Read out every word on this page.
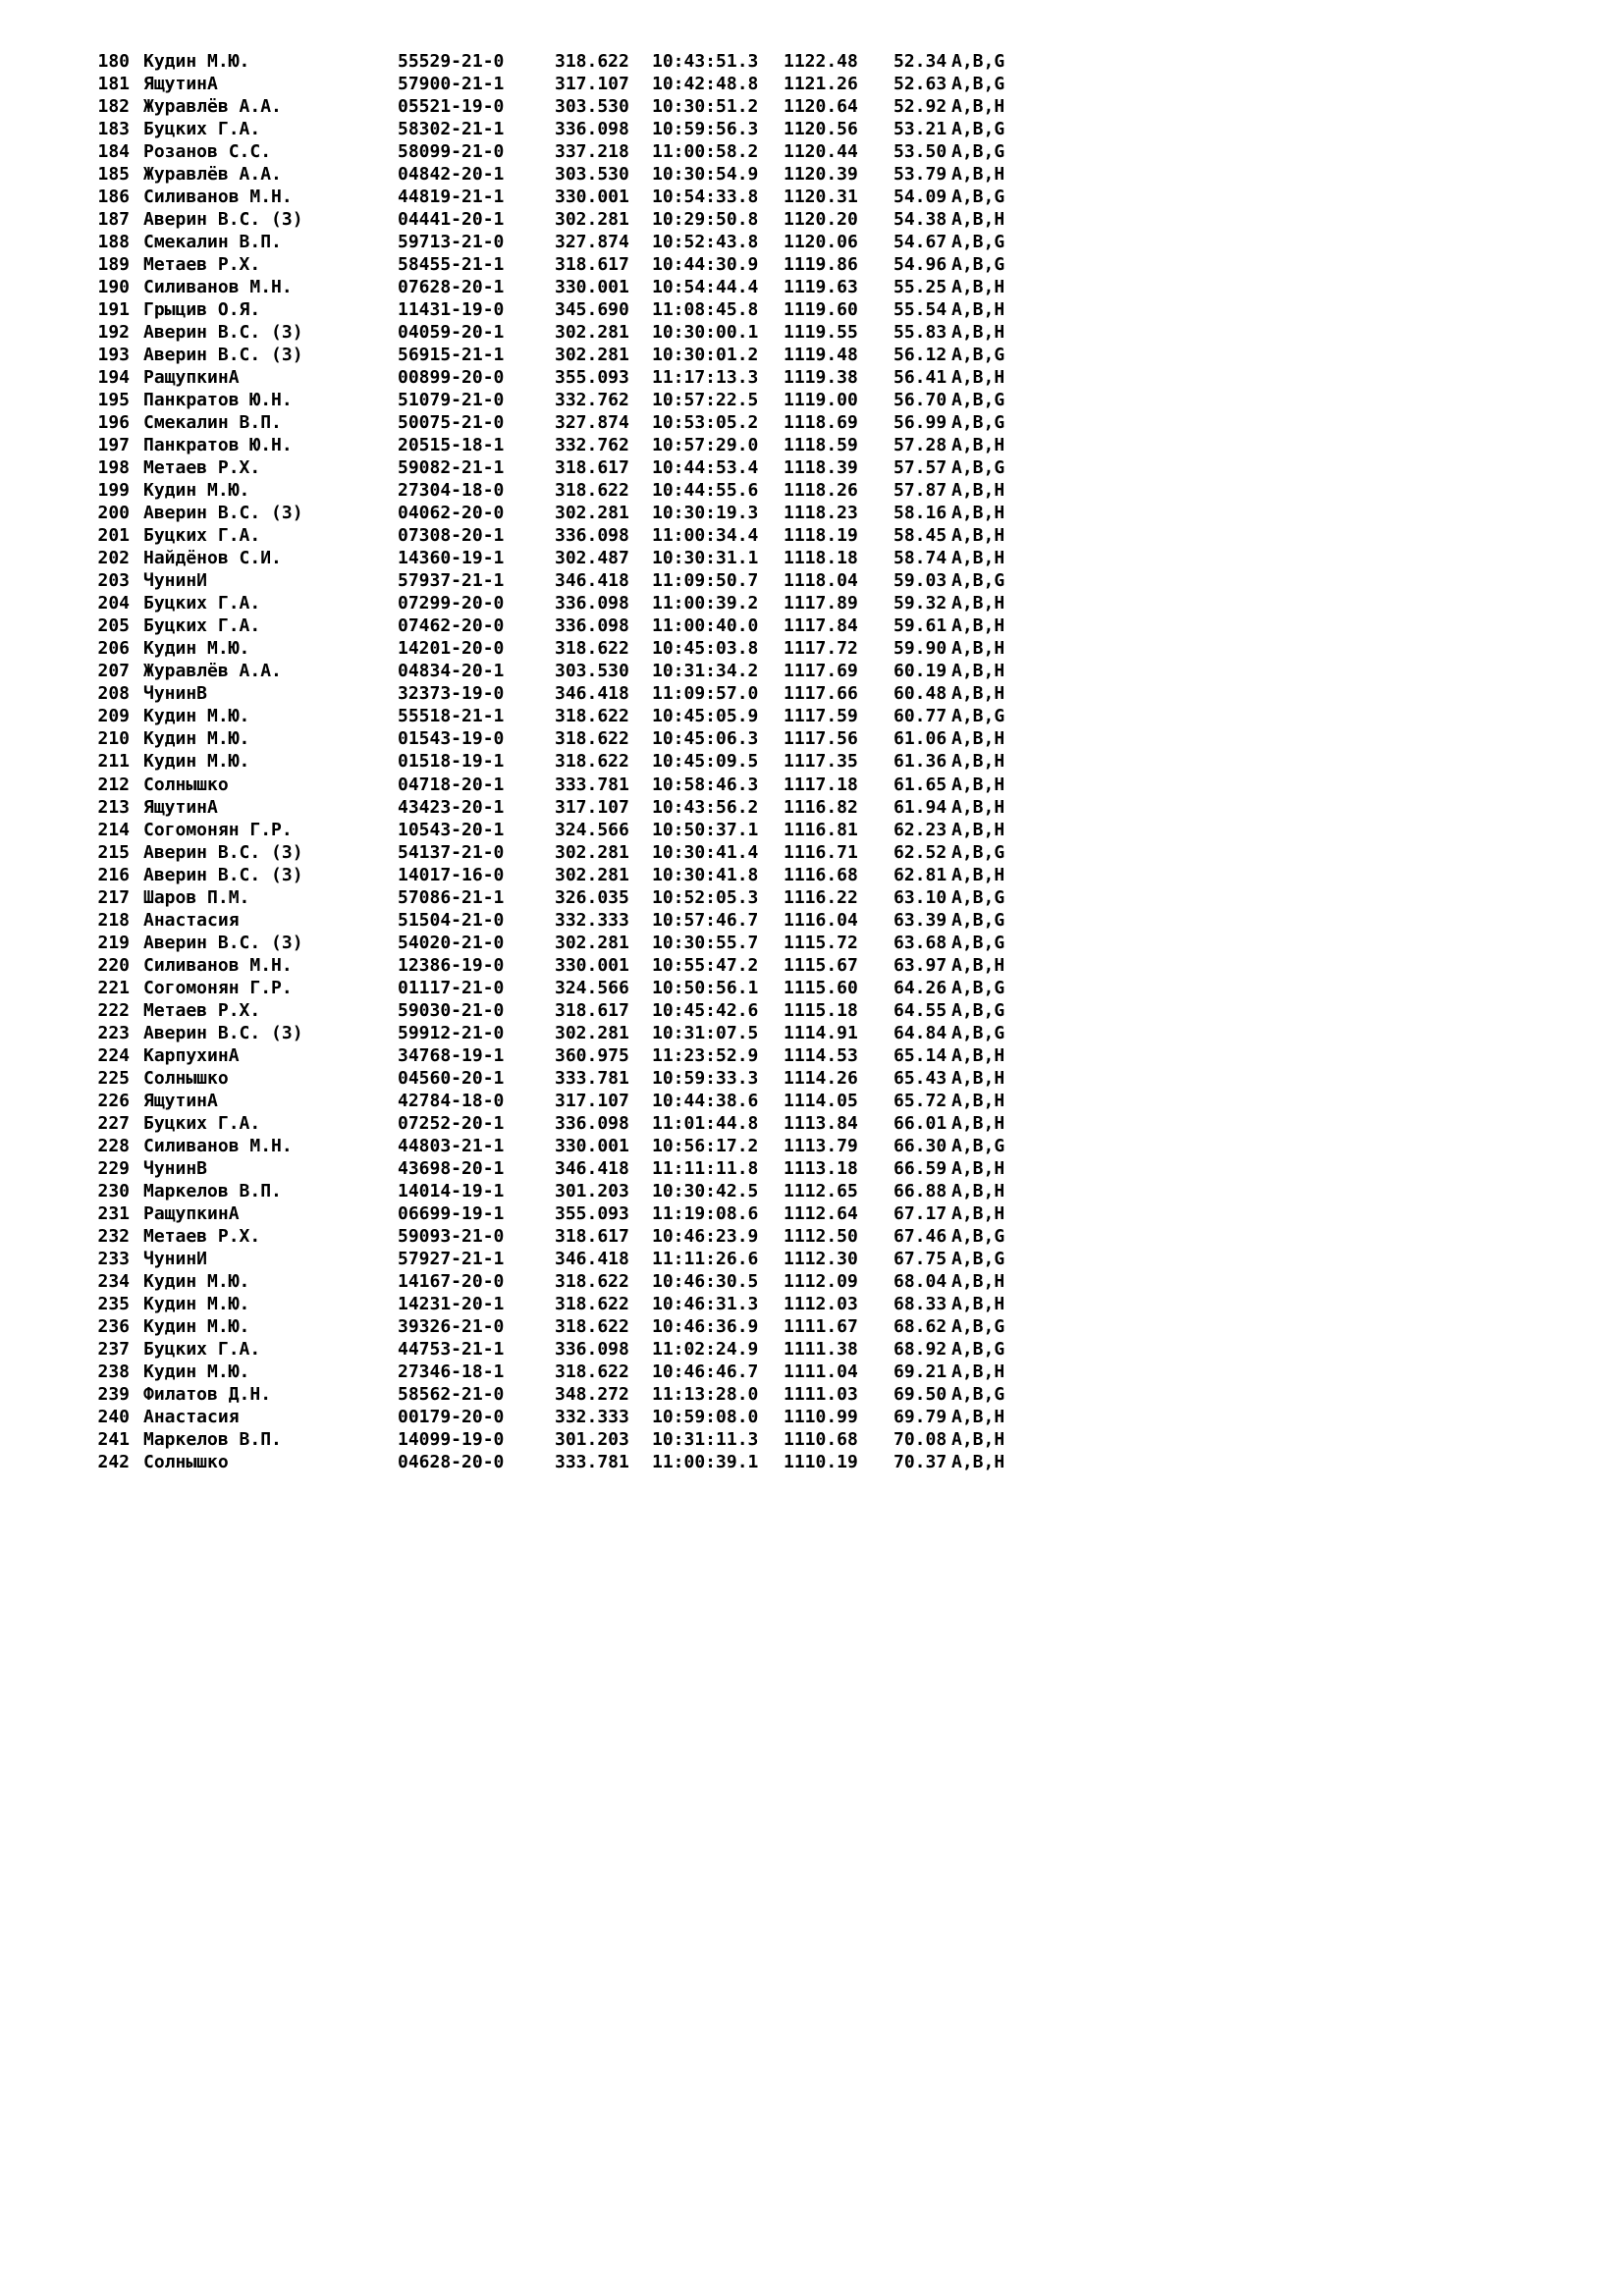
180 Кудин М.Ю.	55529-21-0	318.622 10:43:51.3 1122.48 52.34 A,B,G
181 ЯщутинА	57900-21-1	317.107 10:42:48.8 1121.26 52.63 A,B,G
182 Журавлёв А.А.	05521-19-0	303.530 10:30:51.2 1120.64 52.92 A,B,H
183 Буцких Г.А.	58302-21-1	336.098 10:59:56.3 1120.56 53.21 A,B,G
184 Розанов С.С.	58099-21-0	337.218 11:00:58.2 1120.44 53.50 A,B,G
185 Журавлёв А.А.	04842-20-1	303.530 10:30:54.9 1120.39 53.79 A,B,H
186 Силиванов М.Н.	44819-21-1	330.001 10:54:33.8 1120.31 54.09 A,B,G
187 Аверин В.С. (3)	04441-20-1	302.281 10:29:50.8 1120.20 54.38 A,B,H
188 Смекалин В.П.	59713-21-0	327.874 10:52:43.8 1120.06 54.67 A,B,G
189 Метаев Р.Х.	58455-21-1	318.617 10:44:30.9 1119.86 54.96 A,B,G
190 Силиванов М.Н.	07628-20-1	330.001 10:54:44.4 1119.63 55.25 A,B,H
191 Грыцив О.Я.	11431-19-0	345.690 11:08:45.8 1119.60 55.54 A,B,H
192 Аверин В.С. (3)	04059-20-1	302.281 10:30:00.1 1119.55 55.83 A,B,H
193 Аверин В.С. (3)	56915-21-1	302.281 10:30:01.2 1119.48 56.12 A,B,G
194 РащупкинА	00899-20-0	355.093 11:17:13.3 1119.38 56.41 A,B,H
195 Панкратов Ю.Н.	51079-21-0	332.762 10:57:22.5 1119.00 56.70 A,B,G
196 Смекалин В.П.	50075-21-0	327.874 10:53:05.2 1118.69 56.99 A,B,G
197 Панкратов Ю.Н.	20515-18-1	332.762 10:57:29.0 1118.59 57.28 A,B,H
198 Метаев Р.Х.	59082-21-1	318.617 10:44:53.4 1118.39 57.57 A,B,G
199 Кудин М.Ю.	27304-18-0	318.622 10:44:55.6 1118.26 57.87 A,B,H
200 Аверин В.С. (3)	04062-20-0	302.281 10:30:19.3 1118.23 58.16 A,B,H
201 Буцких Г.А.	07308-20-1	336.098 11:00:34.4 1118.19 58.45 A,B,H
202 Найдёнов С.И.	14360-19-1	302.487 10:30:31.1 1118.18 58.74 A,B,H
203 ЧунинИ	57937-21-1	346.418 11:09:50.7 1118.04 59.03 A,B,G
204 Буцких Г.А.	07299-20-0	336.098 11:00:39.2 1117.89 59.32 A,B,H
205 Буцких Г.А.	07462-20-0	336.098 11:00:40.0 1117.84 59.61 A,B,H
206 Кудин М.Ю.	14201-20-0	318.622 10:45:03.8 1117.72 59.90 A,B,H
207 Журавлёв А.А.	04834-20-1	303.530 10:31:34.2 1117.69 60.19 A,B,H
208 ЧунинВ	32373-19-0	346.418 11:09:57.0 1117.66 60.48 A,B,H
209 Кудин М.Ю.	55518-21-1	318.622 10:45:05.9 1117.59 60.77 A,B,G
210 Кудин М.Ю.	01543-19-0	318.622 10:45:06.3 1117.56 61.06 A,B,H
211 Кудин М.Ю.	01518-19-1	318.622 10:45:09.5 1117.35 61.36 A,B,H
212 Солнышко	04718-20-1	333.781 10:58:46.3 1117.18 61.65 A,B,H
213 ЯщутинА	43423-20-1	317.107 10:43:56.2 1116.82 61.94 A,B,H
214 Согомонян Г.Р.	10543-20-1	324.566 10:50:37.1 1116.81 62.23 A,B,H
215 Аверин В.С. (3)	54137-21-0	302.281 10:30:41.4 1116.71 62.52 A,B,G
216 Аверин В.С. (3)	14017-16-0	302.281 10:30:41.8 1116.68 62.81 A,B,H
217 Шаров П.М.	57086-21-1	326.035 10:52:05.3 1116.22 63.10 A,B,G
218 Анастасия	51504-21-0	332.333 10:57:46.7 1116.04 63.39 A,B,G
219 Аверин В.С. (3)	54020-21-0	302.281 10:30:55.7 1115.72 63.68 A,B,G
220 Силиванов М.Н.	12386-19-0	330.001 10:55:47.2 1115.67 63.97 A,B,H
221 Согомонян Г.Р.	01117-21-0	324.566 10:50:56.1 1115.60 64.26 A,B,G
222 Метаев Р.Х.	59030-21-0	318.617 10:45:42.6 1115.18 64.55 A,B,G
223 Аверин В.С. (3)	59912-21-0	302.281 10:31:07.5 1114.91 64.84 A,B,G
224 КарпухинА	34768-19-1	360.975 11:23:52.9 1114.53 65.14 A,B,H
225 Солнышко	04560-20-1	333.781 10:59:33.3 1114.26 65.43 A,B,H
226 ЯщутинА	42784-18-0	317.107 10:44:38.6 1114.05 65.72 A,B,H
227 Буцких Г.А.	07252-20-1	336.098 11:01:44.8 1113.84 66.01 A,B,H
228 Силиванов М.Н.	44803-21-1	330.001 10:56:17.2 1113.79 66.30 A,B,G
229 ЧунинВ	43698-20-1	346.418 11:11:11.8 1113.18 66.59 A,B,H
230 Маркелов В.П.	14014-19-1	301.203 10:30:42.5 1112.65 66.88 A,B,H
231 РащупкинА	06699-19-1	355.093 11:19:08.6 1112.64 67.17 A,B,H
232 Метаев Р.Х.	59093-21-0	318.617 10:46:23.9 1112.50 67.46 A,B,G
233 ЧунинИ	57927-21-1	346.418 11:11:26.6 1112.30 67.75 A,B,G
234 Кудин М.Ю.	14167-20-0	318.622 10:46:30.5 1112.09 68.04 A,B,H
235 Кудин М.Ю.	14231-20-1	318.622 10:46:31.3 1112.03 68.33 A,B,H
236 Кудин М.Ю.	39326-21-0	318.622 10:46:36.9 1111.67 68.62 A,B,G
237 Буцких Г.А.	44753-21-1	336.098 11:02:24.9 1111.38 68.92 A,B,G
238 Кудин М.Ю.	27346-18-1	318.622 10:46:46.7 1111.04 69.21 A,B,H
239 Филатов Д.Н.	58562-21-0	348.272 11:13:28.0 1111.03 69.50 A,B,G
240 Анастасия	00179-20-0	332.333 10:59:08.0 1110.99 69.79 A,B,H
241 Маркелов В.П.	14099-19-0	301.203 10:31:11.3 1110.68 70.08 A,B,H
242 Солнышко	04628-20-0	333.781 11:00:39.1 1110.19 70.37 A,B,H
